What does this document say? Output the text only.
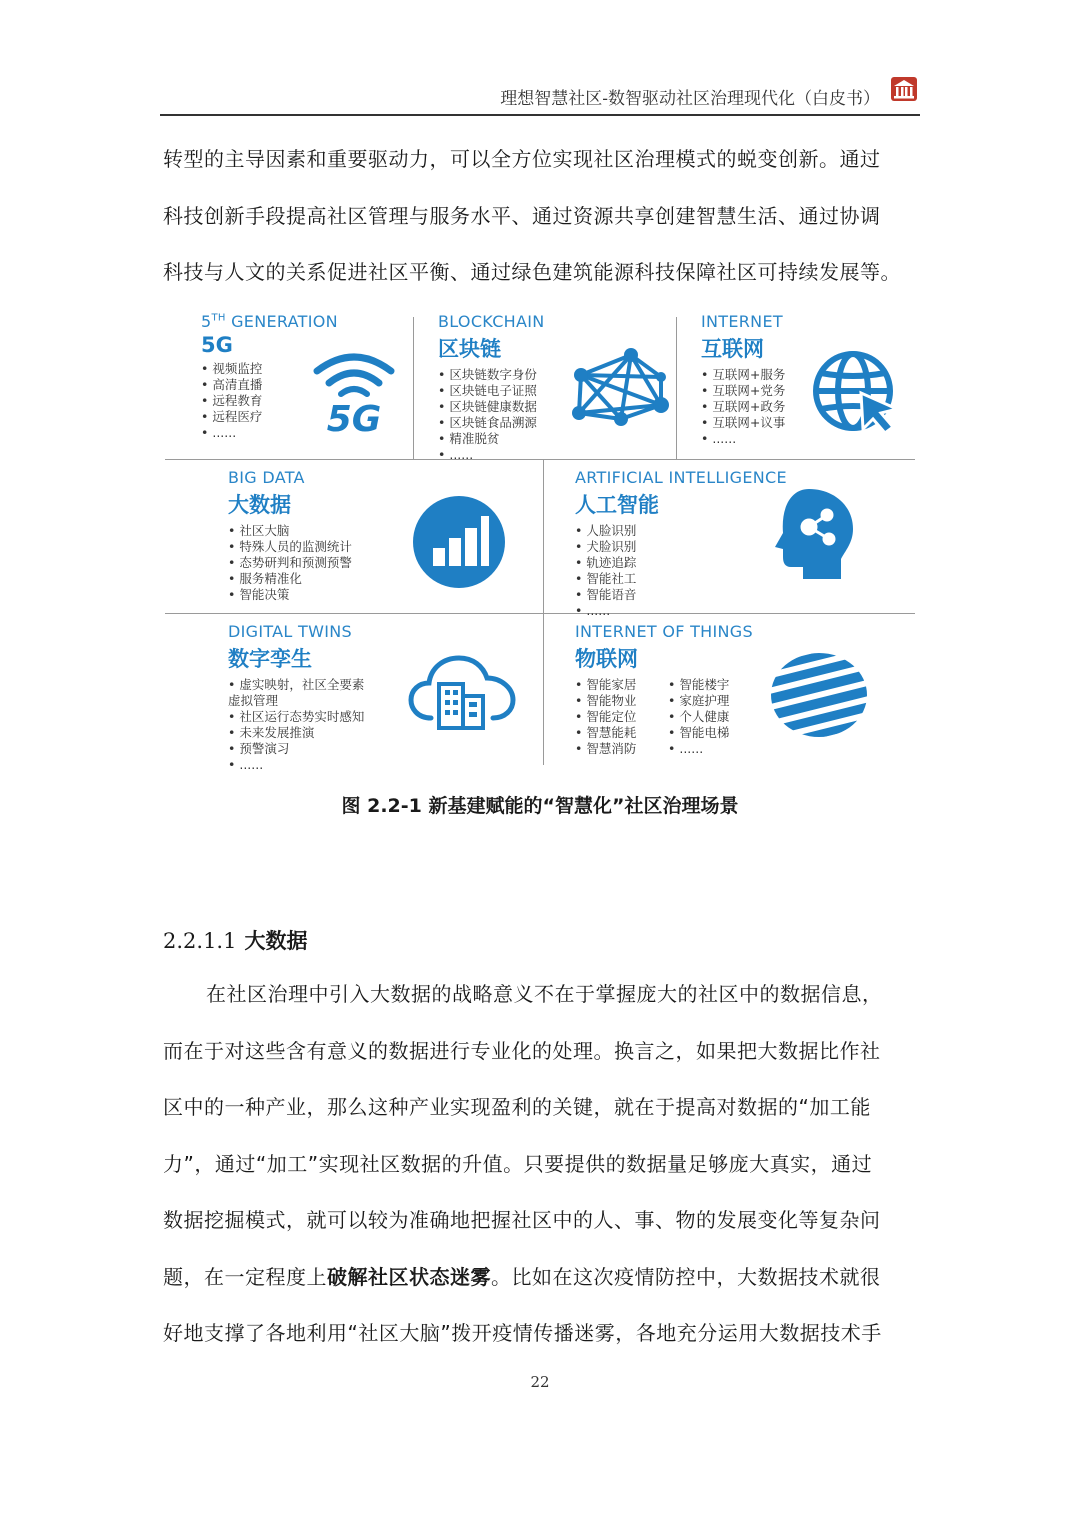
理想智慧社区-数智驱动社区治理现代化（白皮书）
转型的主导因素和重要驱动力，可以全方位实现社区治理模式的蜕变创新。通过
科技创新手段提高社区管理与服务水平、通过资源共享创建智慧生活、通过协调
科技与人文的关系促进社区平衡、通过绿色建筑能源科技保障社区可持续发展等。
5TH GENERATION
5G
• 视频监控
• 高清直播
• 远程教育
• 远程医疗
• ......	5G
BLOCKCHAIN
区块链
• 区块链数字身份
• 区块链电子证照
• 区块链健康数据
• 区块链食品溯源
• 精准脱贫
• ......
INTERNET
互联网
• 互联网+服务
• 互联网+党务
• 互联网+政务
• 互联网+议事
• ......
BIG DATA
大数据
• 社区大脑
• 特殊人员的监测统计
• 态势研判和预测预警
• 服务精准化
• 智能决策
ARTIFICIAL INTELLIGENCE
人工智能
• 人脸识别
• 犬脸识别
• 轨迹追踪
• 智能社工
• 智能语音
• ......
DIGITAL TWINS
数字孪生
• 虚实映射，社区全要素
虚拟管理
• 社区运行态势实时感知
• 未来发展推演
• 预警演习
• ......
INTERNET OF THINGS
物联网
• 智能家居
• 智能物业
• 智能定位
• 智慧能耗
• 智慧消防
• 智能楼宇
• 家庭护理
• 个人健康
• 智能电梯
• ......
图 2.2-1 新基建赋能的“智慧化”社区治理场景
2.2.1.1 大数据
在社区治理中引入大数据的战略意义不在于掌握庞大的社区中的数据信息，
而在于对这些含有意义的数据进行专业化的处理。换言之，如果把大数据比作社
区中的一种产业，那么这种产业实现盈利的关键，就在于提高对数据的“加工能
力”，通过“加工”实现社区数据的升值。只要提供的数据量足够庞大真实，通过
数据挖掘模式，就可以较为准确地把握社区中的人、事、物的发展变化等复杂问
题，在一定程度上破解社区状态迷雾。比如在这次疫情防控中，大数据技术就很
好地支撑了各地利用“社区大脑”拨开疫情传播迷雾，各地充分运用大数据技术手
22
